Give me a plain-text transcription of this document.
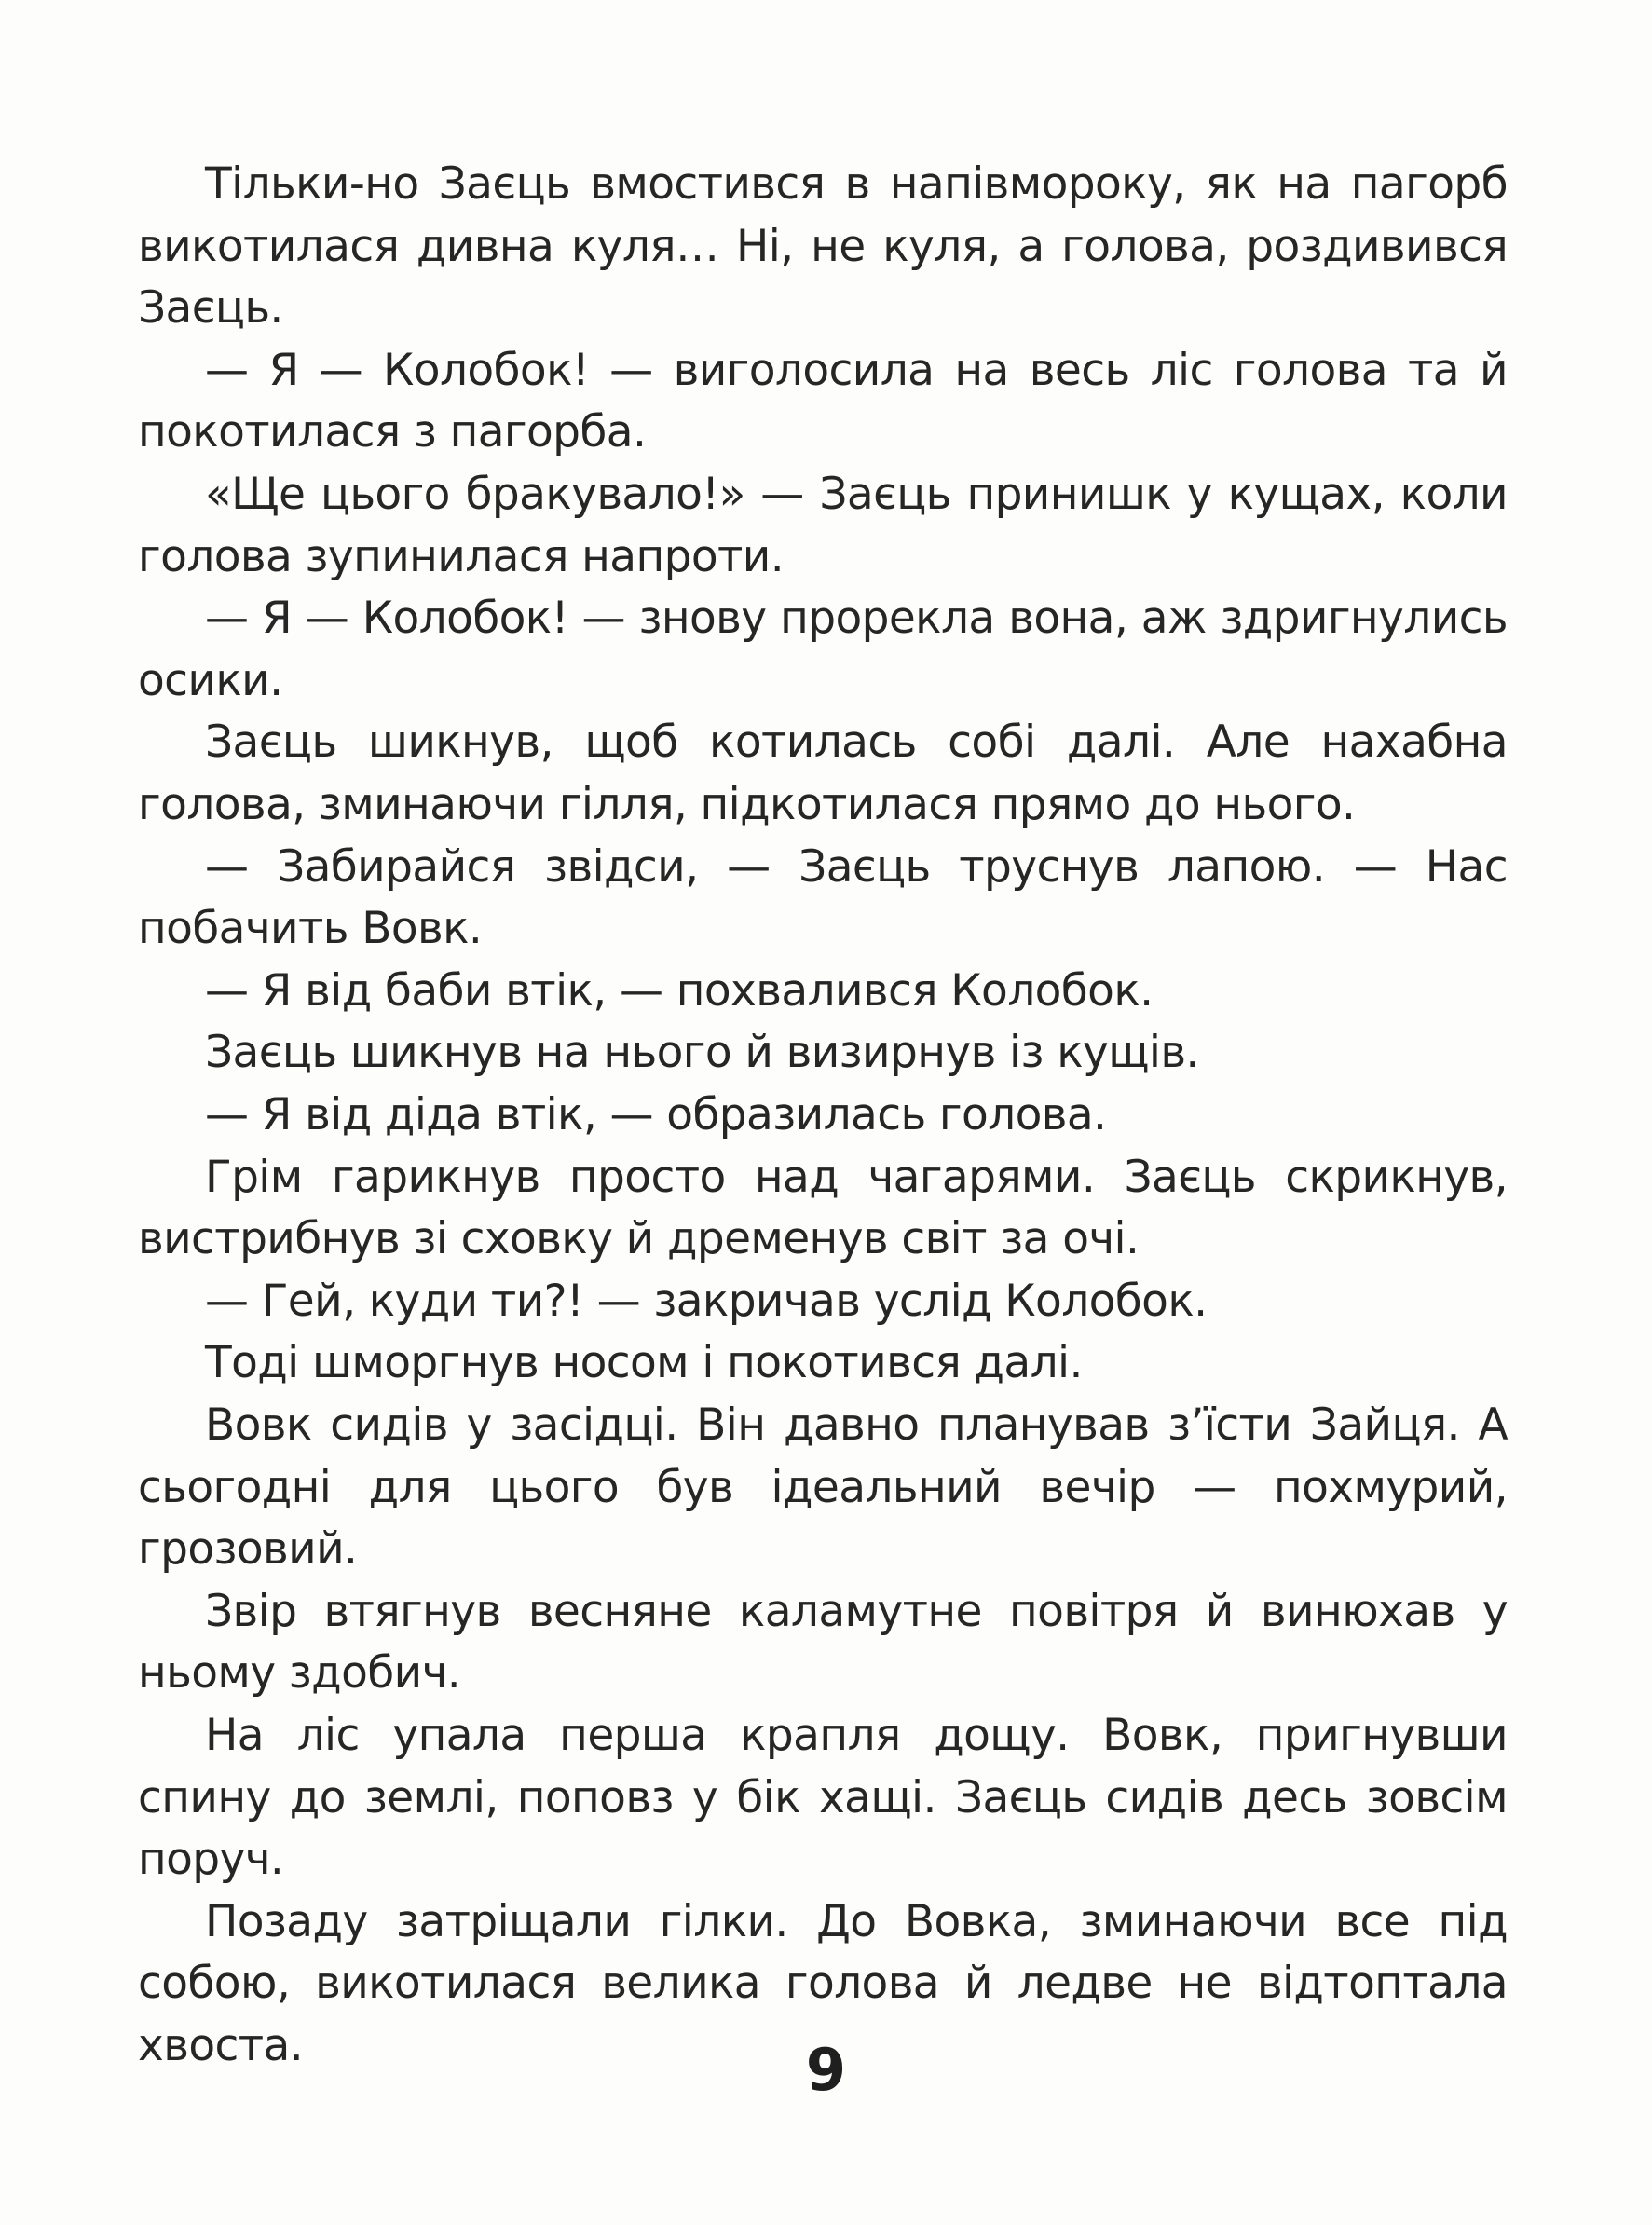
Тільки-но Заєць вмостився в напівмороку, як на пагорб викотилася дивна куля… Ні, не куля, а голова, роздивився Заєць.

— Я — Колобок! — виголосила на весь ліс голова та й покотилася з пагорба.

«Ще цього бракувало!» — Заєць принишк у кущах, коли голова зупинилася напроти.

— Я — Колобок! — знову прорекла вона, аж здригнулись осики.

Заєць шикнув, щоб котилась собі далі. Але нахабна голова, зминаючи гілля, підкотилася прямо до нього.

— Забирайся звідси, — Заєць труснув лапою. — Нас побачить Вовк.

— Я від баби втік, — похвалився Колобок.

Заєць шикнув на нього й визирнув із кущів.

— Я від діда втік, — образилась голова.

Грім гарикнув просто над чагарями. Заєць скрикнув, вистрибнув зі сховку й дременув світ за очі.

— Гей, куди ти?! — закричав услід Колобок.

Тоді шморгнув носом і покотився далі.

Вовк сидів у засідці. Він давно планував з’їсти Зайця. А сьогодні для цього був ідеальний вечір — похмурий, грозовий.

Звір втягнув весняне каламутне повітря й винюхав у ньому здобич.

На ліс упала перша крапля дощу. Вовк, пригнувши спину до землі, поповз у бік хащі. Заєць сидів десь зовсім поруч.

Позаду затріщали гілки. До Вовка, зминаючи все під собою, викотилася велика голова й ледве не відтоптала хвоста.	9
